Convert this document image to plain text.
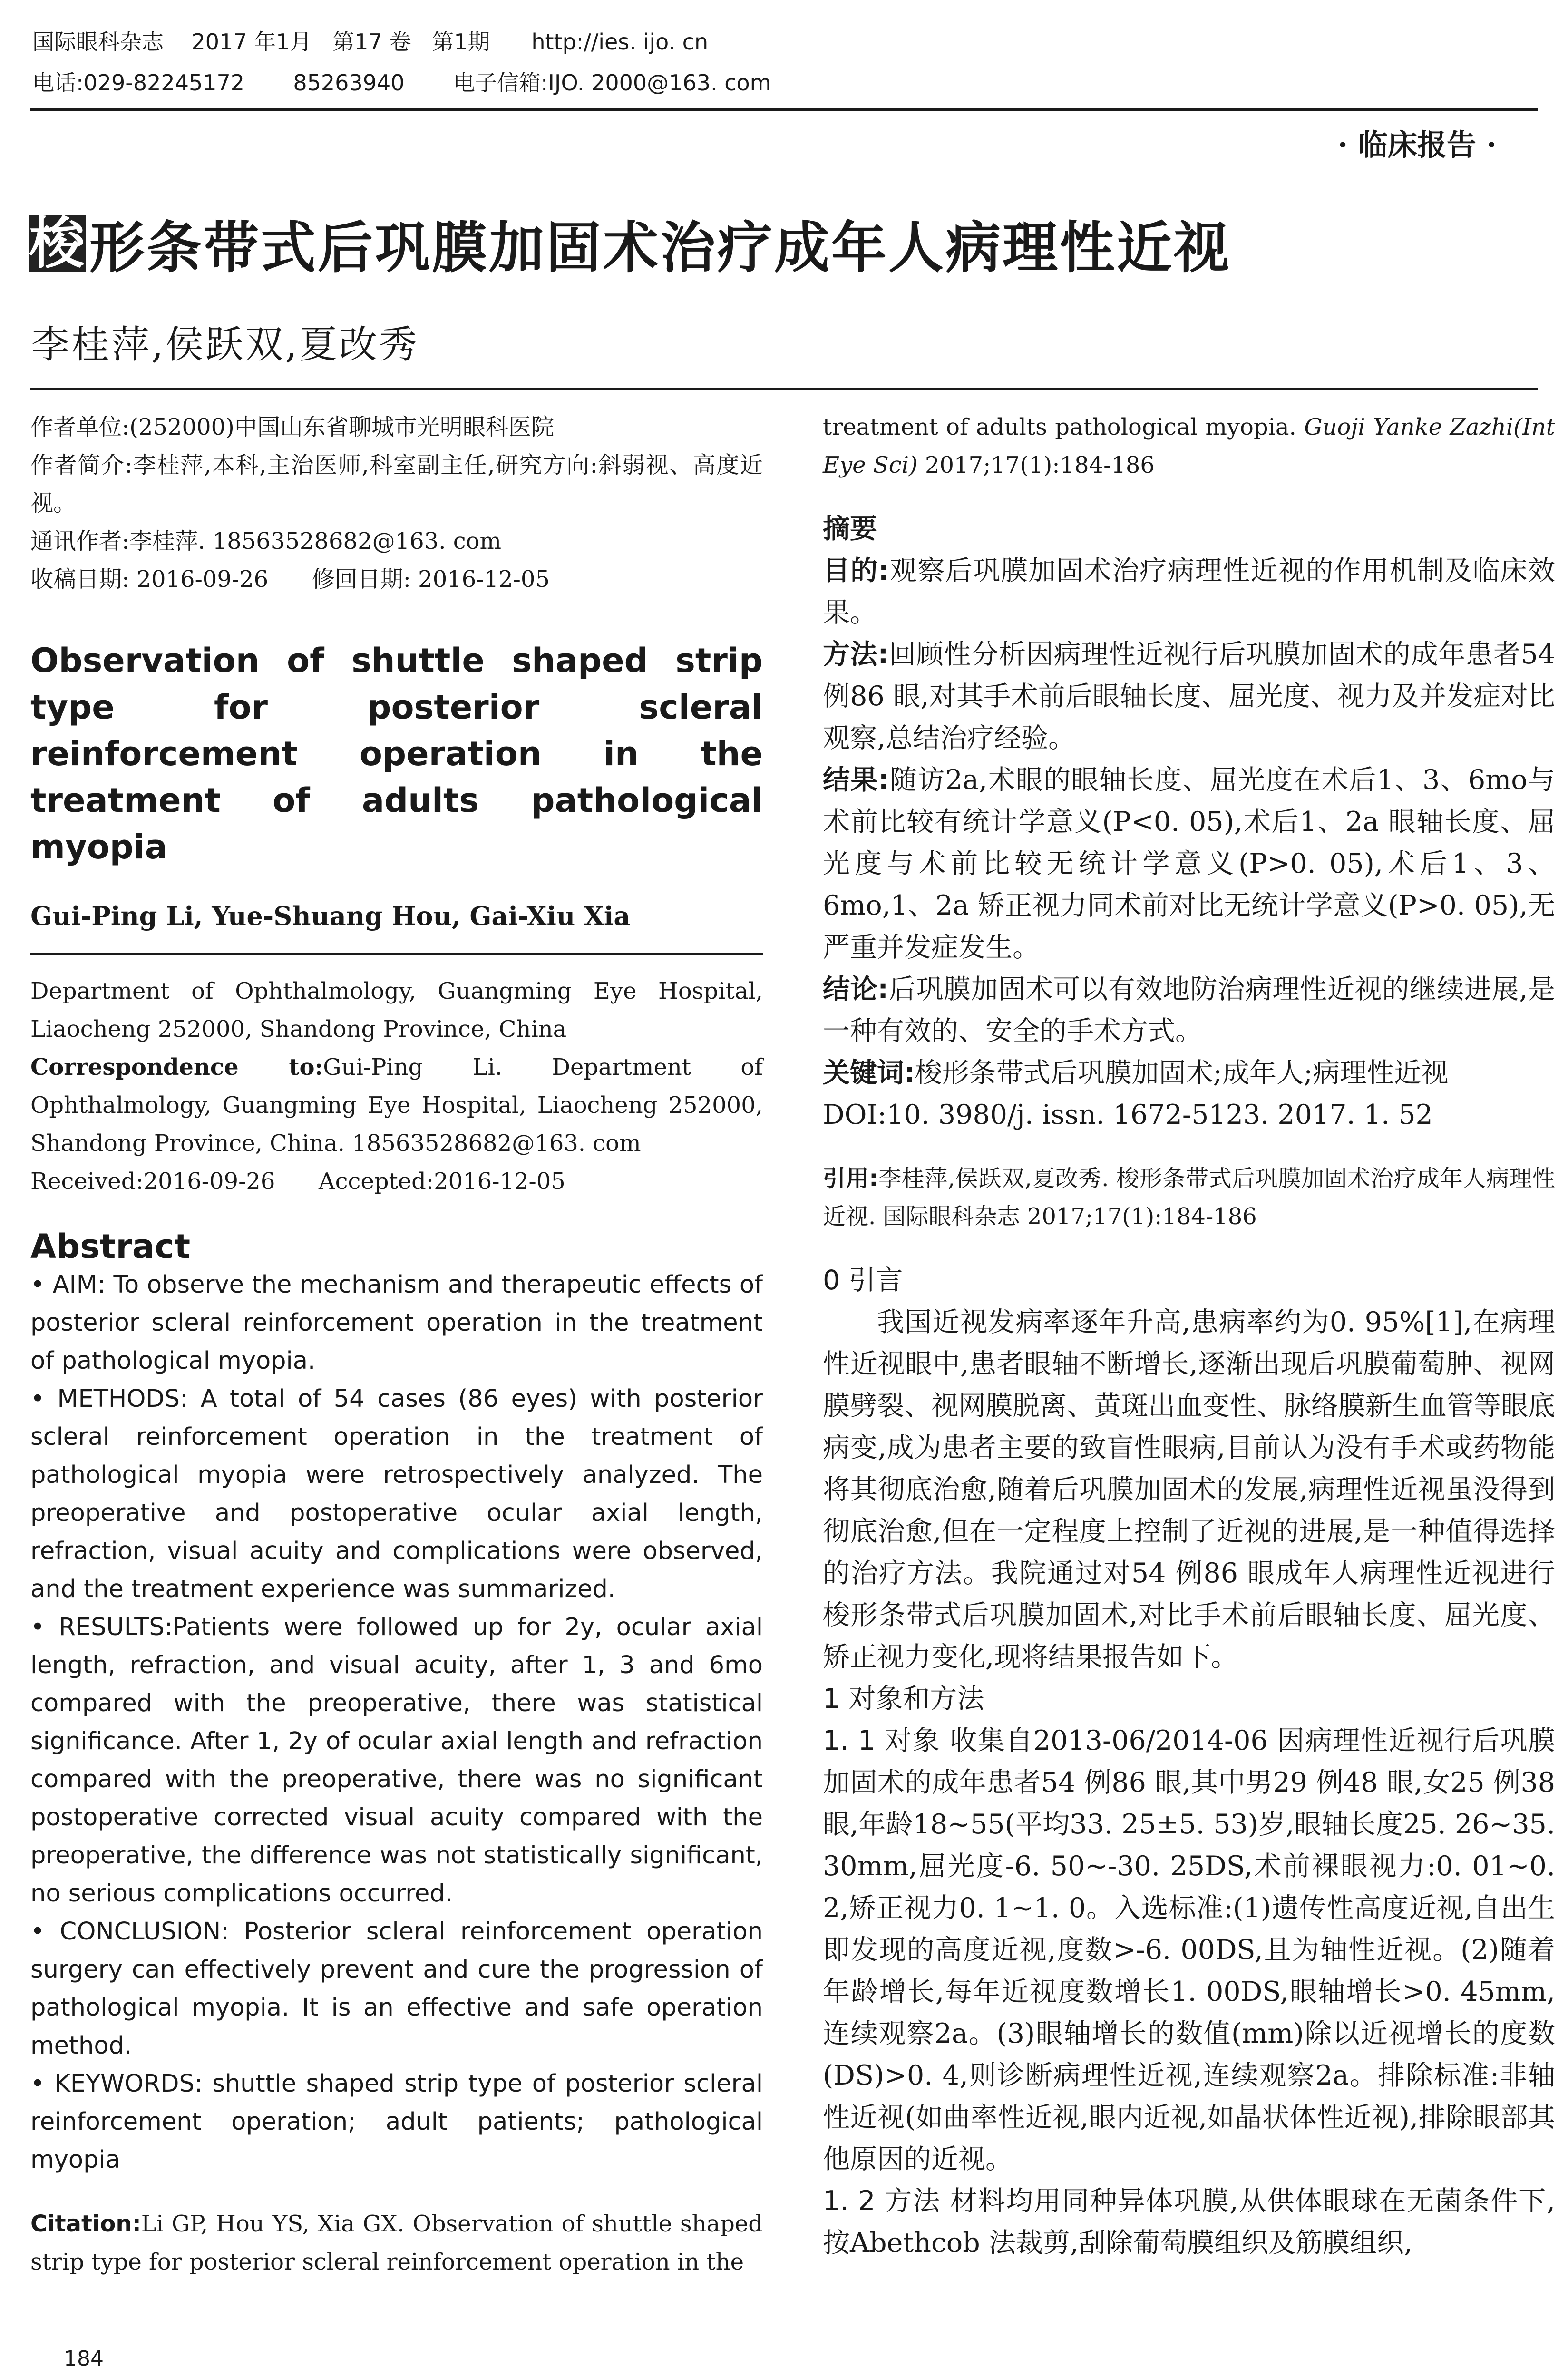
国际眼科杂志    2017 年1月   第17 卷   第1期      http://ies. ijo. cn
电话:029-82245172       85263940       电子信箱:IJO. 2000@163. com
· 临床报告 ·
梭 形条带式后巩膜加固术治疗成年人病理性近视
李桂萍,侯跃双,夏改秀

作者单位:(252000)中国山东省聊城市光明眼科医院

作者简介:李桂萍,本科,主治医师,科室副主任,研究方向:斜弱视、高度近视。

通讯作者:李桂萍. 18563528682@163. com

收稿日期: 2016-09-26      修回日期: 2016-12-05

Observation of shuttle shaped strip type for posterior scleral reinforcement operation in the treatment of adults pathological myopia

Gui-Ping Li, Yue-Shuang Hou, Gai-Xiu Xia

Department of Ophthalmology, Guangming Eye Hospital, Liaocheng 252000, Shandong Province, China

Correspondence to:Gui-Ping Li. Department of Ophthalmology, Guangming Eye Hospital, Liaocheng 252000, Shandong Province, China. 18563528682@163. com

Received:2016-09-26      Accepted:2016-12-05

Abstract

• AIM: To observe the mechanism and therapeutic effects of posterior scleral reinforcement operation in the treatment of pathological myopia.

• METHODS: A total of 54 cases (86 eyes) with posterior scleral reinforcement operation in the treatment of pathological myopia were retrospectively analyzed. The preoperative and postoperative ocular axial length, refraction, visual acuity and complications were observed, and the treatment experience was summarized.

• RESULTS:Patients were followed up for 2y, ocular axial length, refraction, and visual acuity, after 1, 3 and 6mo compared with the preoperative, there was statistical significance. After 1, 2y of ocular axial length and refraction compared with the preoperative, there was no significant postoperative corrected visual acuity compared with the preoperative, the difference was not statistically significant, no serious complications occurred.

• CONCLUSION: Posterior scleral reinforcement operation surgery can effectively prevent and cure the progression of pathological myopia. It is an effective and safe operation method.

• KEYWORDS: shuttle shaped strip type of posterior scleral reinforcement operation; adult patients; pathological myopia

Citation:Li GP, Hou YS, Xia GX. Observation of shuttle shaped strip type for posterior scleral reinforcement operation in the

treatment of adults pathological myopia. Guoji Yanke Zazhi(Int Eye Sci) 2017;17(1):184-186

摘要

目的:观察后巩膜加固术治疗病理性近视的作用机制及临床效果。

方法:回顾性分析因病理性近视行后巩膜加固术的成年患者54 例86 眼,对其手术前后眼轴长度、屈光度、视力及并发症对比观察,总结治疗经验。

结果:随访2a,术眼的眼轴长度、屈光度在术后1、3、6mo与术前比较有统计学意义(P<0. 05),术后1、2a 眼轴长度、屈光度与术前比较无统计学意义(P>0. 05),术后1、3、6mo,1、2a 矫正视力同术前对比无统计学意义(P>0. 05),无严重并发症发生。

结论:后巩膜加固术可以有效地防治病理性近视的继续进展,是一种有效的、安全的手术方式。

关键词:梭形条带式后巩膜加固术;成年人;病理性近视

DOI:10. 3980/j. issn. 1672-5123. 2017. 1. 52

引用:李桂萍,侯跃双,夏改秀. 梭形条带式后巩膜加固术治疗成年人病理性近视. 国际眼科杂志 2017;17(1):184-186

0 引言

我国近视发病率逐年升高,患病率约为0. 95%[1],在病理性近视眼中,患者眼轴不断增长,逐渐出现后巩膜葡萄肿、视网膜劈裂、视网膜脱离、黄斑出血变性、脉络膜新生血管等眼底病变,成为患者主要的致盲性眼病,目前认为没有手术或药物能将其彻底治愈,随着后巩膜加固术的发展,病理性近视虽没得到彻底治愈,但在一定程度上控制了近视的进展,是一种值得选择的治疗方法。我院通过对54 例86 眼成年人病理性近视进行梭形条带式后巩膜加固术,对比手术前后眼轴长度、屈光度、矫正视力变化,现将结果报告如下。

1 对象和方法

1. 1 对象 收集自2013-06/2014-06 因病理性近视行后巩膜加固术的成年患者54 例86 眼,其中男29 例48 眼,女25 例38 眼,年龄18~55(平均33. 25±5. 53)岁,眼轴长度25. 26~35. 30mm,屈光度-6. 50~-30. 25DS,术前裸眼视力:0. 01~0. 2,矫正视力0. 1~1. 0。入选标准:(1)遗传性高度近视,自出生即发现的高度近视,度数>-6. 00DS,且为轴性近视。(2)随着年龄增长,每年近视度数增长1. 00DS,眼轴增长>0. 45mm,连续观察2a。(3)眼轴增长的数值(mm)除以近视增长的度数(DS)>0. 4,则诊断病理性近视,连续观察2a。排除标准:非轴性近视(如曲率性近视,眼内近视,如晶状体性近视),排除眼部其他原因的近视。

1. 2 方法 材料均用同种异体巩膜,从供体眼球在无菌条件下,按Abethcob 法裁剪,刮除葡萄膜组织及筋膜组织,

184
